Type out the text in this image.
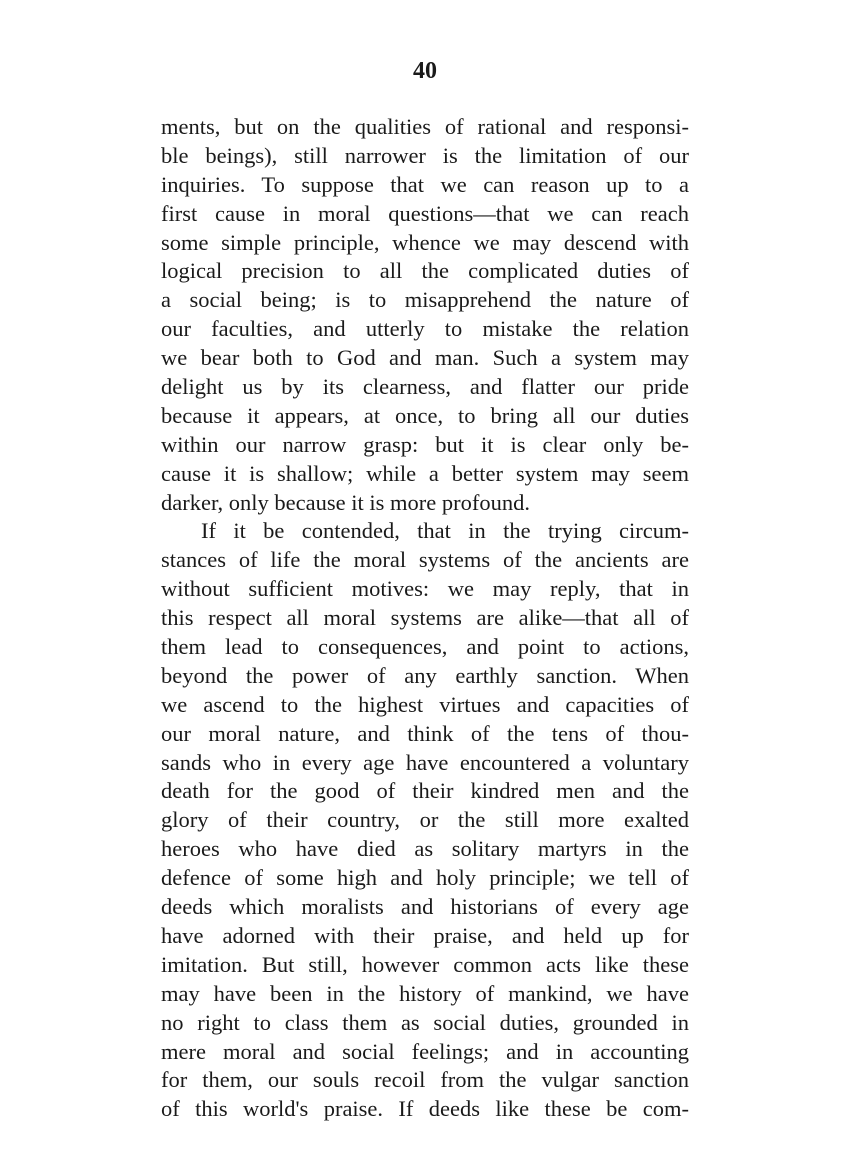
40
ments, but on the qualities of rational and responsi-
ble beings), still narrower is the limitation of our
inquiries. To suppose that we can reason up to a
first cause in moral questions—that we can reach
some simple principle, whence we may descend with
logical precision to all the complicated duties of
a social being; is to misapprehend the nature of
our faculties, and utterly to mistake the relation
we bear both to God and man. Such a system may
delight us by its clearness, and flatter our pride
because it appears, at once, to bring all our duties
within our narrow grasp: but it is clear only be-
cause it is shallow; while a better system may seem
darker, only because it is more profound.
If it be contended, that in the trying circum-
stances of life the moral systems of the ancients are
without sufficient motives: we may reply, that in
this respect all moral systems are alike—that all of
them lead to consequences, and point to actions,
beyond the power of any earthly sanction. When
we ascend to the highest virtues and capacities of
our moral nature, and think of the tens of thou-
sands who in every age have encountered a voluntary
death for the good of their kindred men and the
glory of their country, or the still more exalted
heroes who have died as solitary martyrs in the
defence of some high and holy principle; we tell of
deeds which moralists and historians of every age
have adorned with their praise, and held up for
imitation. But still, however common acts like these
may have been in the history of mankind, we have
no right to class them as social duties, grounded in
mere moral and social feelings; and in accounting
for them, our souls recoil from the vulgar sanction
of this world's praise. If deeds like these be com-
